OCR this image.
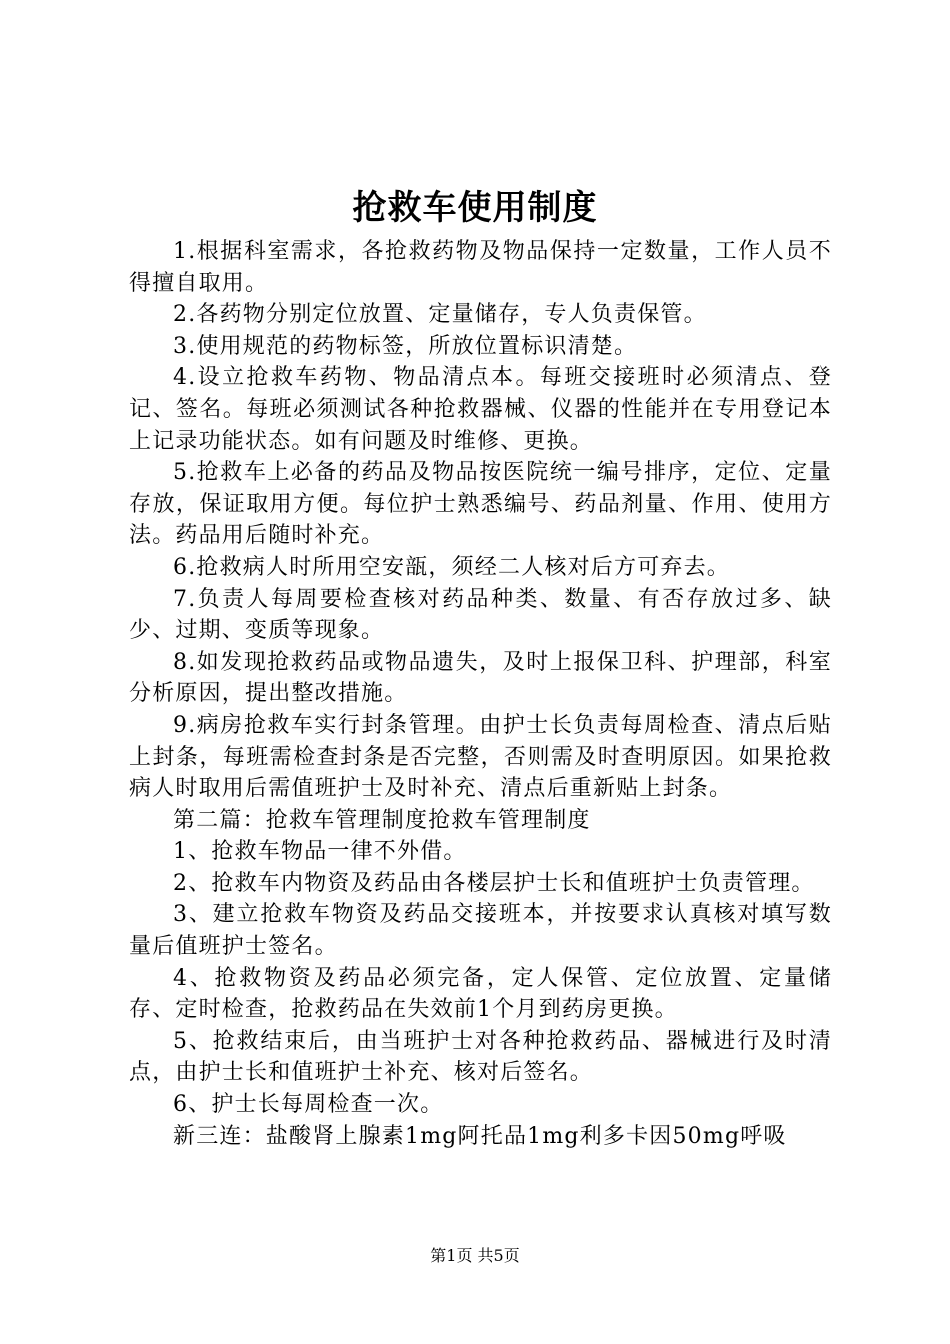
抢救车使用制度

1.根据科室需求，各抢救药物及物品保持一定数量，工作人员不得擅自取用。

2.各药物分别定位放置、定量储存，专人负责保管。

3.使用规范的药物标签，所放位置标识清楚。

4.设立抢救车药物、物品清点本。每班交接班时必须清点、登记、签名。每班必须测试各种抢救器械、仪器的性能并在专用登记本上记录功能状态。如有问题及时维修、更换。

5.抢救车上必备的药品及物品按医院统一编号排序，定位、定量存放，保证取用方便。每位护士熟悉编号、药品剂量、作用、使用方法。药品用后随时补充。

6.抢救病人时所用空安瓿，须经二人核对后方可弃去。

7.负责人每周要检查核对药品种类、数量、有否存放过多、缺少、过期、变质等现象。

8.如发现抢救药品或物品遗失，及时上报保卫科、护理部，科室分析原因，提出整改措施。

9.病房抢救车实行封条管理。由护士长负责每周检查、清点后贴上封条，每班需检查封条是否完整，否则需及时查明原因。如果抢救病人时取用后需值班护士及时补充、清点后重新贴上封条。

第二篇：抢救车管理制度抢救车管理制度

1、抢救车物品一律不外借。

2、抢救车内物资及药品由各楼层护士长和值班护士负责管理。

3、建立抢救车物资及药品交接班本，并按要求认真核对填写数量后值班护士签名。

4、抢救物资及药品必须完备，定人保管、定位放置、定量储存、定时检查，抢救药品在失效前1个月到药房更换。

5、抢救结束后，由当班护士对各种抢救药品、器械进行及时清点，由护士长和值班护士补充、核对后签名。

6、护士长每周检查一次。

新三连：盐酸肾上腺素1mg阿托品1mg利多卡因50mg呼吸

第1页 共5页
